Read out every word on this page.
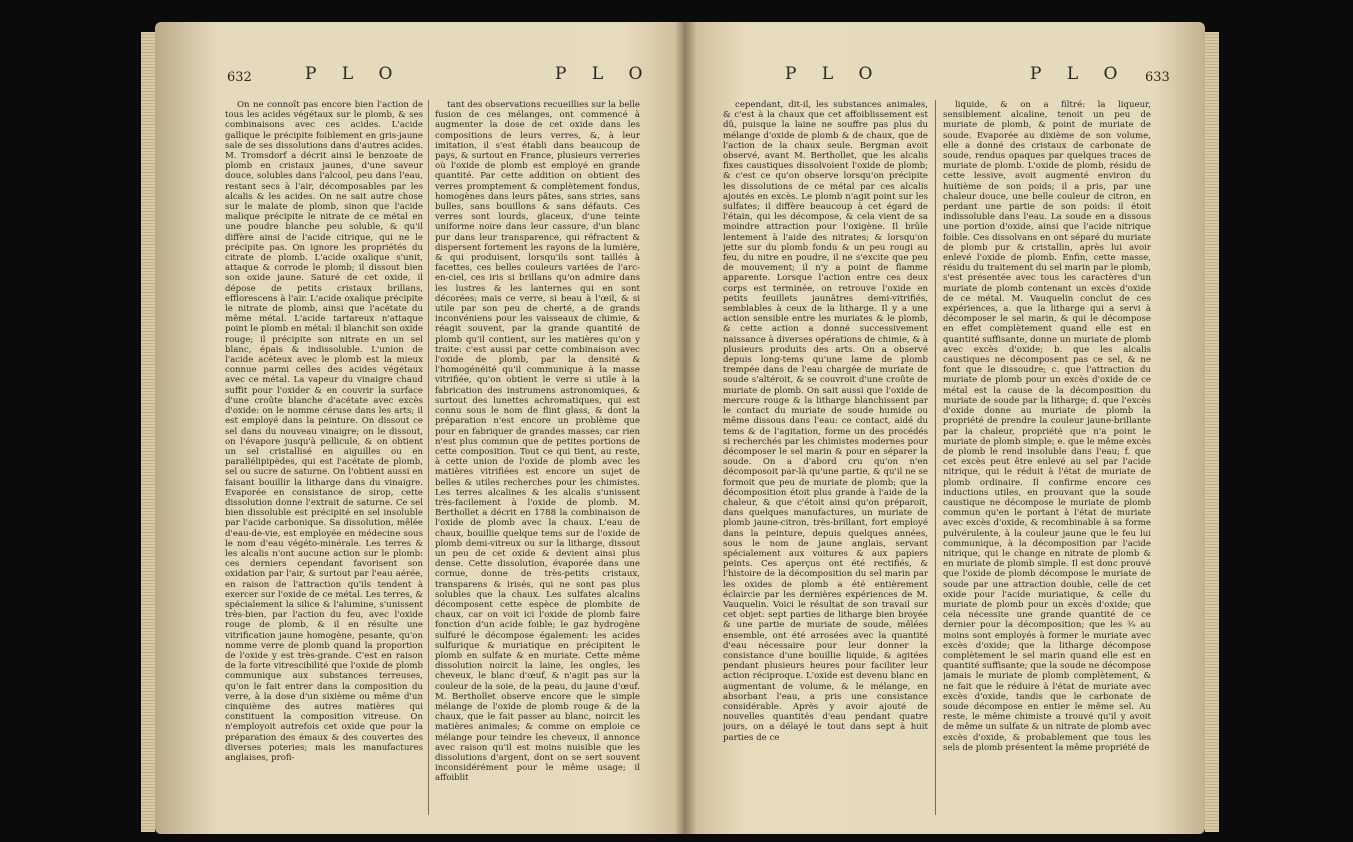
632	P L O	P L O

On ne connoît pas encore bien l'action de tous les acides végétaux sur le plomb, & ses combinaisons avec ces acides. L'acide gallique le précipite foiblement en gris-jaune sale de ses dissolutions dans d'autres acides. M. Tromsdorf a décrit ainsi le benzoate de plomb en cristaux jaunes, d'une saveur douce, solubles dans l'alcool, peu dans l'eau, restant secs à l'air, décomposables par les alcalis & les acides. On ne sait autre chose sur le malate de plomb, sinon que l'acide malique précipite le nitrate de ce métal en une poudre blanche peu soluble, & qu'il diffère ainsi de l'acide citrique, qui ne le précipite pas. On ignore les propriétés du citrate de plomb. L'acide oxalique s'unit, attaque & corrode le plomb; il dissout bien son oxide jaune. Saturé de cet oxide, il dépose de petits cristaux brillans, efflorescens à l'air. L'acide oxalique précipite le nitrate de plomb, ainsi que l'acétate du même métal. L'acide tartareux n'attaque point le plomb en métal: il blanchit son oxide rouge; il précipite son nitrate en un sel blanc, épais & indissoluble. L'union de l'acide acéteux avec le plomb est la mieux connue parmi celles des acides végétaux avec ce métal. La vapeur du vinaigre chaud suffit pour l'oxider & en couvrir la surface d'une croûte blanche d'acétate avec excès d'oxide: on le nomme céruse dans les arts; il est employé dans la peinture. On dissout ce sel dans du nouveau vinaigre; on le dissout, on l'évapore jusqu'à pellicule, & on obtient un sel cristallisé en aiguilles ou en parallélipipèdes, qui est l'acétate de plomb, sel ou sucre de saturne. On l'obtient aussi en faisant bouillir la litharge dans du vinaigre. Evaporée en consistance de sirop, cette dissolution donne l'extrait de saturne. Ce sel bien dissoluble est précipité en sel insoluble par l'acide carbonique. Sa dissolution, mêlée d'eau-de-vie, est employée en médecine sous le nom d'eau végéto-minérale. Les terres & les alcalis n'ont aucune action sur le plomb: ces derniers cependant favorisent son oxidation par l'air, & surtout par l'eau aérée, en raison de l'attraction qu'ils tendent à exercer sur l'oxide de ce métal. Les terres, & spécialement la silice & l'alumine, s'unissent très-bien, par l'action du feu, avec l'oxide rouge de plomb, & il en résulte une vitrification jaune homogène, pesante, qu'on nomme verre de plomb quand la proportion de l'oxide y est très-grande. C'est en raison de la forte vitrescibilité que l'oxide de plomb communique aux substances terreuses, qu'on le fait entrer dans la composition du verre, à la dose d'un sixième ou même d'un cinquième des autres matières qui constituent la composition vitreuse. On n'employoit autrefois cet oxide que pour la préparation des émaux & des couvertes des diverses poteries; mais les manufactures anglaises, profi-

tant des observations recueillies sur la belle fusion de ces mélanges, ont commencé à augmenter la dose de cet oxide dans les compositions de leurs verres, &, à leur imitation, il s'est établi dans beaucoup de pays, & surtout en France, plusieurs verreries où l'oxide de plomb est employé en grande quantité. Par cette addition on obtient des verres promptement & complètement fondus, homogènes dans leurs pâtes, sans stries, sans bulles, sans bouillons & sans défauts. Ces verres sont lourds, glaceux, d'une teinte uniforme noire dans leur cassure, d'un blanc pur dans leur transparence, qui réfractent & dispersent fortement les rayons de la lumière, & qui produisent, lorsqu'ils sont taillés à facettes, ces belles couleurs variées de l'arc-en-ciel, ces iris si brillans qu'on admire dans les lustres & les lanternes qui en sont décorées; mais ce verre, si beau à l'œil, & si utile par son peu de cherté, a de grands inconvéniens pour les vaisseaux de chimie, & réagit souvent, par la grande quantité de plomb qu'il contient, sur les matières qu'on y traite: c'est aussi par cette combinaison avec l'oxide de plomb, par la densité & l'homogénéité qu'il communique à la masse vitrifiée, qu'on obtient le verre si utile à la fabrication des instrumens astronomiques, & surtout des lunettes achromatiques, qui est connu sous le nom de flint glass, & dont la préparation n'est encore un problème que pour en fabriquer de grandes masses; car rien n'est plus commun que de petites portions de cette composition. Tout ce qui tient, au reste, à cette union de l'oxide de plomb avec les matières vitrifiées est encore un sujet de belles & utiles recherches pour les chimistes. Les terres alcalines & les alcalis s'unissent très-facilement à l'oxide de plomb. M. Berthollet a décrit en 1788 la combinaison de l'oxide de plomb avec la chaux. L'eau de chaux, bouillie quelque tems sur de l'oxide de plomb demi-vitreux ou sur la litharge, dissout un peu de cet oxide & devient ainsi plus dense. Cette dissolution, évaporée dans une cornue, donne de très-petits cristaux, transparens & irisés, qui ne sont pas plus solubles que la chaux. Les sulfates alcalins décomposent cette espèce de plombite de chaux, car on voit ici l'oxide de plomb faire fonction d'un acide foible; le gaz hydrogène sulfuré le décompose également: les acides sulfurique & muriatique en précipitent le plomb en sulfate & en muriate. Cette même dissolution noircit la laine, les ongles, les cheveux, le blanc d'œuf, & n'agit pas sur la couleur de la soie, de la peau, du jaune d'œuf. M. Berthollet observe encore que le simple mélange de l'oxide de plomb rouge & de la chaux, que le fait passer au blanc, noircit les matières animales; & comme on emploie ce mélange pour teindre les cheveux, il annonce avec raison qu'il est moins nuisible que les dissolutions d'argent, dont on se sert souvent inconsidérément pour le même usage; il affoiblit

P L O	P L O 633

cependant, dit-il, les substances animales, & c'est à la chaux que cet affoiblissement est dû, puisque la laine ne souffre pas plus du mélange d'oxide de plomb & de chaux, que de l'action de la chaux seule. Bergman avoit observé, avant M. Berthollet, que les alcalis fixes caustiques dissolvoient l'oxide de plomb; & c'est ce qu'on observe lorsqu'on précipite les dissolutions de ce métal par ces alcalis ajoutés en excès. Le plomb n'agit point sur les sulfates; il diffère beaucoup à cet égard de l'étain, qui les décompose, & cela vient de sa moindre attraction pour l'oxigène. Il brûle lentement à l'aide des nitrates; & lorsqu'on jette sur du plomb fondu & un peu rougi au feu, du nitre en poudre, il ne s'excite que peu de mouvement; il n'y a point de flamme apparente. Lorsque l'action entre ces deux corps est terminée, on retrouve l'oxide en petits feuillets jaunâtres demi-vitrifiés, semblables à ceux de la litharge. Il y a une action sensible entre les muriates & le plomb, & cette action a donné successivement naissance à diverses opérations de chimie, & à plusieurs produits des arts. On a observé depuis long-tems qu'une lame de plomb trempée dans de l'eau chargée de muriate de soude s'altéroit, & se couvroit d'une croûte de muriate de plomb. On sait aussi que l'oxide de mercure rouge & la litharge blanchissent par le contact du muriate de soude humide ou même dissous dans l'eau: ce contact, aidé du tems & de l'agitation, forme un des procédés si recherchés par les chimistes modernes pour décomposer le sel marin & pour en séparer la soude. On a d'abord cru qu'on n'en décomposoit par-là qu'une partie, & qu'il ne se formoit que peu de muriate de plomb; que la décomposition étoit plus grande à l'aide de la chaleur, & que c'étoit ainsi qu'on préparoit, dans quelques manufactures, un muriate de plomb jaune-citron, très-brillant, fort employé dans la peinture, depuis quelques années, sous le nom de jaune anglais, servant spécialement aux voitures & aux papiers peints. Ces aperçus ont été rectifiés, & l'histoire de la décomposition du sel marin par les oxides de plomb a été entièrement éclaircie par les dernières expériences de M. Vauquelin. Voici le résultat de son travail sur cet objet: sept parties de litharge bien broyée & une partie de muriate de soude, mêlées ensemble, ont été arrosées avec la quantité d'eau nécessaire pour leur donner la consistance d'une bouillie liquide, & agitées pendant plusieurs heures pour faciliter leur action réciproque. L'oxide est devenu blanc en augmentant de volume, & le mélange, en absorbant l'eau, a pris une consistance considérable. Après y avoir ajouté de nouvelles quantités d'eau pendant quatre jours, on a délayé le tout dans sept à huit parties de ce

liquide, & on a filtré: la liqueur, sensiblement alcaline, tenoit un peu de muriate de plomb, & point de muriate de soude. Evaporée au dixième de son volume, elle a donné des cristaux de carbonate de soude, rendus opaques par quelques traces de muriate de plomb. L'oxide de plomb, résidu de cette lessive, avoit augmenté environ du huitième de son poids; il a pris, par une chaleur douce, une belle couleur de citron, en perdant une partie de son poids: il étoit indissoluble dans l'eau. La soude en a dissous une portion d'oxide, ainsi que l'acide nitrique foible. Ces dissolvans en ont séparé du muriate de plomb pur & cristallin, après lui avoir enlevé l'oxide de plomb. Enfin, cette masse, résidu du traitement du sel marin par le plomb, s'est présentée avec tous les caractères d'un muriate de plomb contenant un excès d'oxide de ce métal. M. Vauquelin conclut de ces expériences, a. que la litharge qui a servi à décomposer le sel marin, & qui le décompose en effet complètement quand elle est en quantité suffisante, donne un muriate de plomb avec excès d'oxide; b. que les alcalis caustiques ne décomposent pas ce sel, & ne font que le dissoudre; c. que l'attraction du muriate de plomb pour un excès d'oxide de ce métal est la cause de la décomposition du muriate de soude par la litharge; d. que l'excès d'oxide donne au muriate de plomb la propriété de prendre la couleur jaune-brillante par la chaleur, propriété que n'a point le muriate de plomb simple; e. que le même excès de plomb le rend insoluble dans l'eau; f. que cet excès peut être enlevé au sel par l'acide nitrique, qui le réduit à l'état de muriate de plomb ordinaire. Il confirme encore ces inductions utiles, en prouvant que la soude caustique ne décompose le muriate de plomb commun qu'en le portant à l'état de muriate avec excès d'oxide, & recombinable à sa forme pulvérulente, à la couleur jaune que le feu lui communique, à la décomposition par l'acide nitrique, qui le change en nitrate de plomb & en muriate de plomb simple. Il est donc prouvé que l'oxide de plomb décompose le muriate de soude par une attraction double, celle de cet oxide pour l'acide muriatique, & celle du muriate de plomb pour un excès d'oxide; que cela nécessite une grande quantité de ce dernier pour la décomposition; que les ¾ au moins sont employés à former le muriate avec excès d'oxide; que la litharge décompose complètement le sel marin quand elle est en quantité suffisante; que la soude ne décompose jamais le muriate de plomb complètement, & ne fait que le réduire à l'état de muriate avec excès d'oxide, tandis que le carbonate de soude décompose en entier le même sel. Au reste, le même chimiste a trouvé qu'il y avoit de même un sulfate & un nitrate de plomb avec excès d'oxide, & probablement que tous les sels de plomb présentent la même propriété de
